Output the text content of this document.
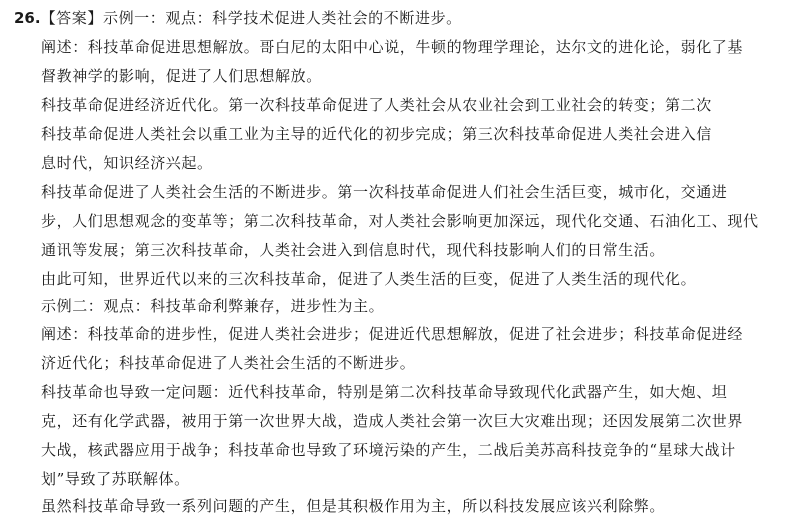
26.【答案】示例一：观点：科学技术促进人类社会的不断进步。
阐述：科技革命促进思想解放。哥白尼的太阳中心说，牛顿的物理学理论，达尔文的进化论，弱化了基
督教神学的影响，促进了人们思想解放。
科技革命促进经济近代化。第一次科技革命促进了人类社会从农业社会到工业社会的转变；第二次
科技革命促进人类社会以重工业为主导的近代化的初步完成；第三次科技革命促进人类社会进入信
息时代，知识经济兴起。
科技革命促进了人类社会生活的不断进步。第一次科技革命促进人们社会生活巨变，城市化，交通进
步，人们思想观念的变革等；第二次科技革命，对人类社会影响更加深远，现代化交通、石油化工、现代
通讯等发展；第三次科技革命，人类社会进入到信息时代，现代科技影响人们的日常生活。
由此可知，世界近代以来的三次科技革命，促进了人类生活的巨变，促进了人类生活的现代化。
示例二：观点：科技革命利弊兼存，进步性为主。
阐述：科技革命的进步性，促进人类社会进步；促进近代思想解放，促进了社会进步；科技革命促进经
济近代化；科技革命促进了人类社会生活的不断进步。
科技革命也导致一定问题：近代科技革命，特别是第二次科技革命导致现代化武器产生，如大炮、坦
克，还有化学武器，被用于第一次世界大战，造成人类社会第一次巨大灾难出现；还因发展第二次世界
大战，核武器应用于战争；科技革命也导致了环境污染的产生，二战后美苏高科技竞争的“星球大战计
划”导致了苏联解体。
虽然科技革命导致一系列问题的产生，但是其积极作用为主，所以科技发展应该兴利除弊。
